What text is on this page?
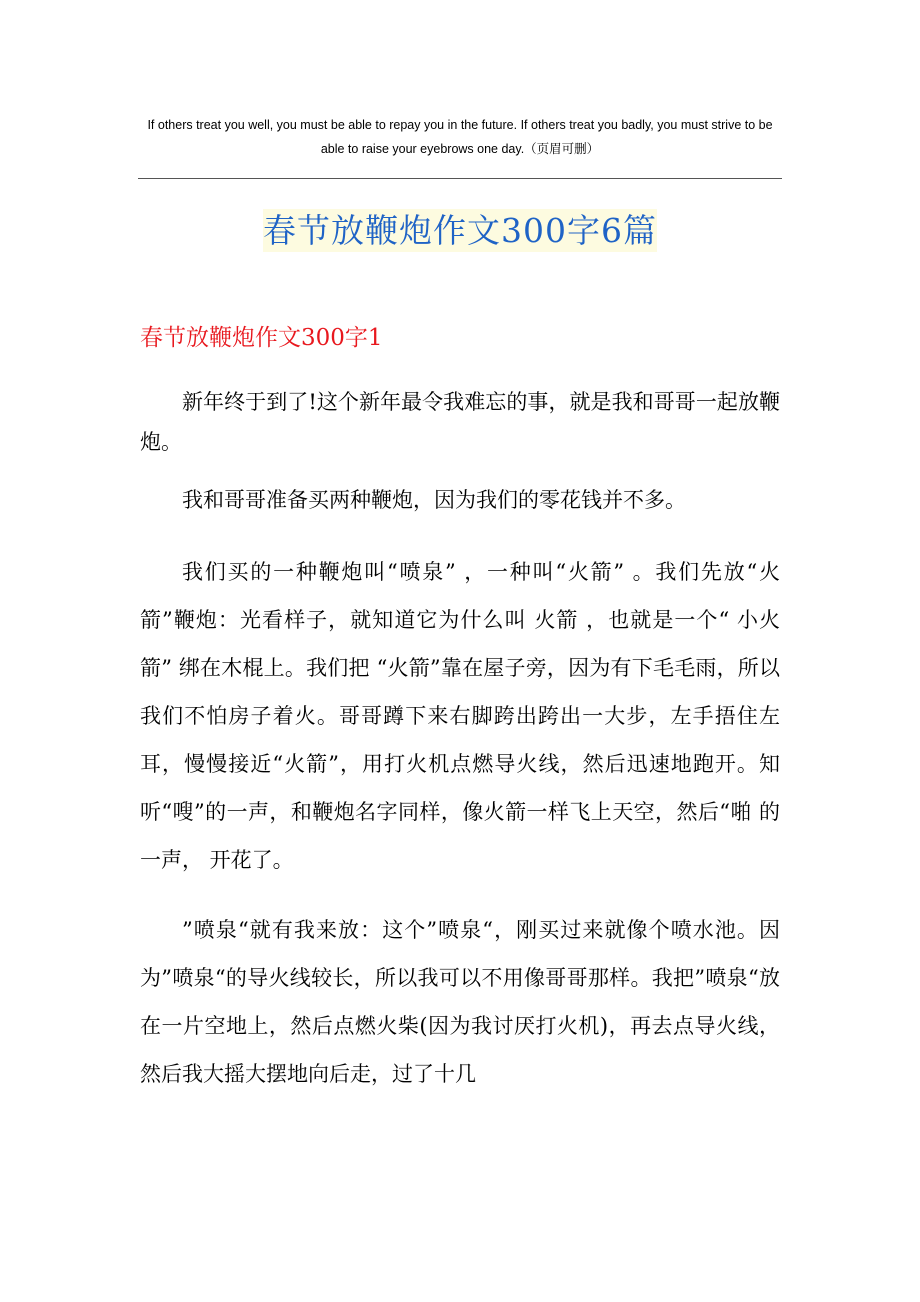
If others treat you well, you must be able to repay you in the future. If others treat you badly, you must strive to be able to raise your eyebrows one day.（页眉可删）
春节放鞭炮作文300字6篇
春节放鞭炮作文300字1

新年终于到了!这个新年最令我难忘的事，就是我和哥哥一起放鞭炮。

我和哥哥准备买两种鞭炮，因为我们的零花钱并不多。

我们买的一种鞭炮叫“喷泉” ，一种叫“火箭” 。我们先放“火箭”鞭炮：光看样子，就知道它为什么叫 火箭 ，也就是一个“ 小火箭” 绑在木棍上。我们把 “火箭”靠在屋子旁，因为有下毛毛雨，所以我们不怕房子着火。哥哥蹲下来右脚跨出跨出一大步，左手捂住左耳，慢慢接近“火箭”，用打火机点燃导火线，然后迅速地跑开。知听“嗖”的一声，和鞭炮名字同样，像火箭一样飞上天空，然后“啪 的一声， 开花了。

”喷泉“就有我来放：这个”喷泉“，刚买过来就像个喷水池。因为”喷泉“的导火线较长，所以我可以不用像哥哥那样。我把”喷泉“放在一片空地上，然后点燃火柴(因为我讨厌打火机)，再去点导火线，然后我大摇大摆地向后走，过了十几
